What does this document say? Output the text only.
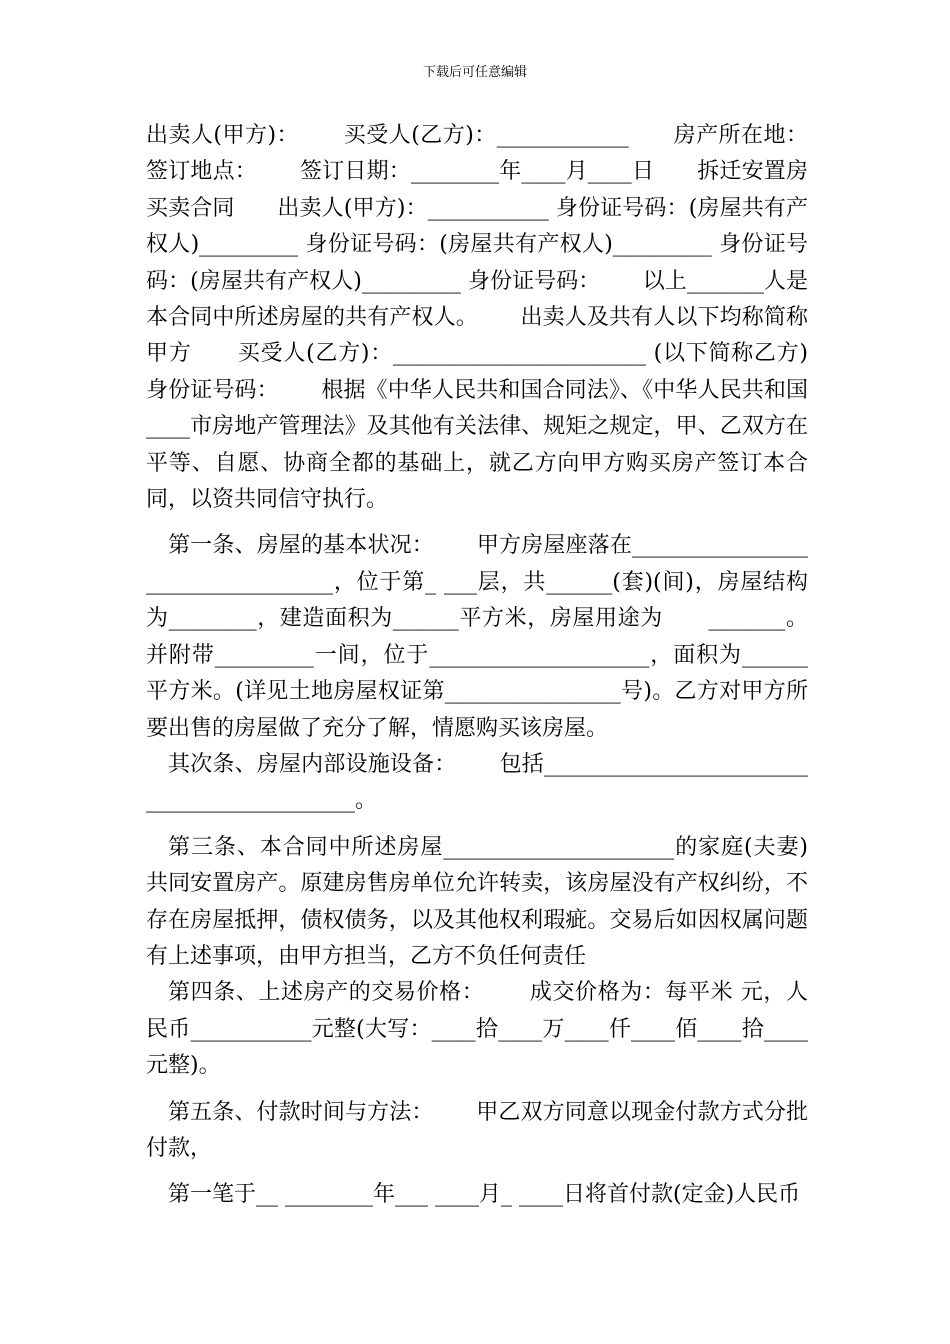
下载后可任意编辑

出卖人(甲方)：      买受人(乙方)：____________      房产所在地：      签订地点：      签订日期：________年____月____日      拆迁安置房买卖合同      出卖人(甲方)：___________ 身份证号码：(房屋共有产权人)_________ 身份证号码：(房屋共有产权人)_________ 身份证号码：(房屋共有产权人)_________ 身份证号码：      以上_______人是本合同中所述房屋的共有产权人。      出卖人及共有人以下均称简称甲方      买受人(乙方)：_______________________ (以下简称乙方)      身份证号码：      根据《中华人民共和国合同法》、《中华人民共和国____市房地产管理法》及其他有关法律、规矩之规定，甲、乙双方在平等、自愿、协商全都的基础上，就乙方向甲方购买房产签订本合同，以资共同信守执行。

第一条、房屋的基本状况：      甲方房屋座落在_________________________________，位于第_ ___层，共______(套)(间)，房屋结构为________，建造面积为______平方米，房屋用途为      _______。并附带_________一间，位于____________________，面积为______平方米。(详见土地房屋权证第________________号)。乙方对甲方所要出售的房屋做了充分了解，情愿购买该房屋。

其次条、房屋内部设施设备：      包括___________________________________________。

第三条、本合同中所述房屋_____________________的家庭(夫妻)共同安置房产。原建房售房单位允许转卖，该房屋没有产权纠纷，不存在房屋抵押，债权债务，以及其他权利瑕疵。交易后如因权属问题有上述事项，由甲方担当，乙方不负任何责任

第四条、上述房产的交易价格：      成交价格为：每平米 元，人民币___________元整(大写：____拾____万____仟____佰____拾____元整)。

第五条、付款时间与方法：      甲乙双方同意以现金付款方式分批付款，

第一笔于__ ________年___ ____月_ ____日将首付款(定金)人民币
